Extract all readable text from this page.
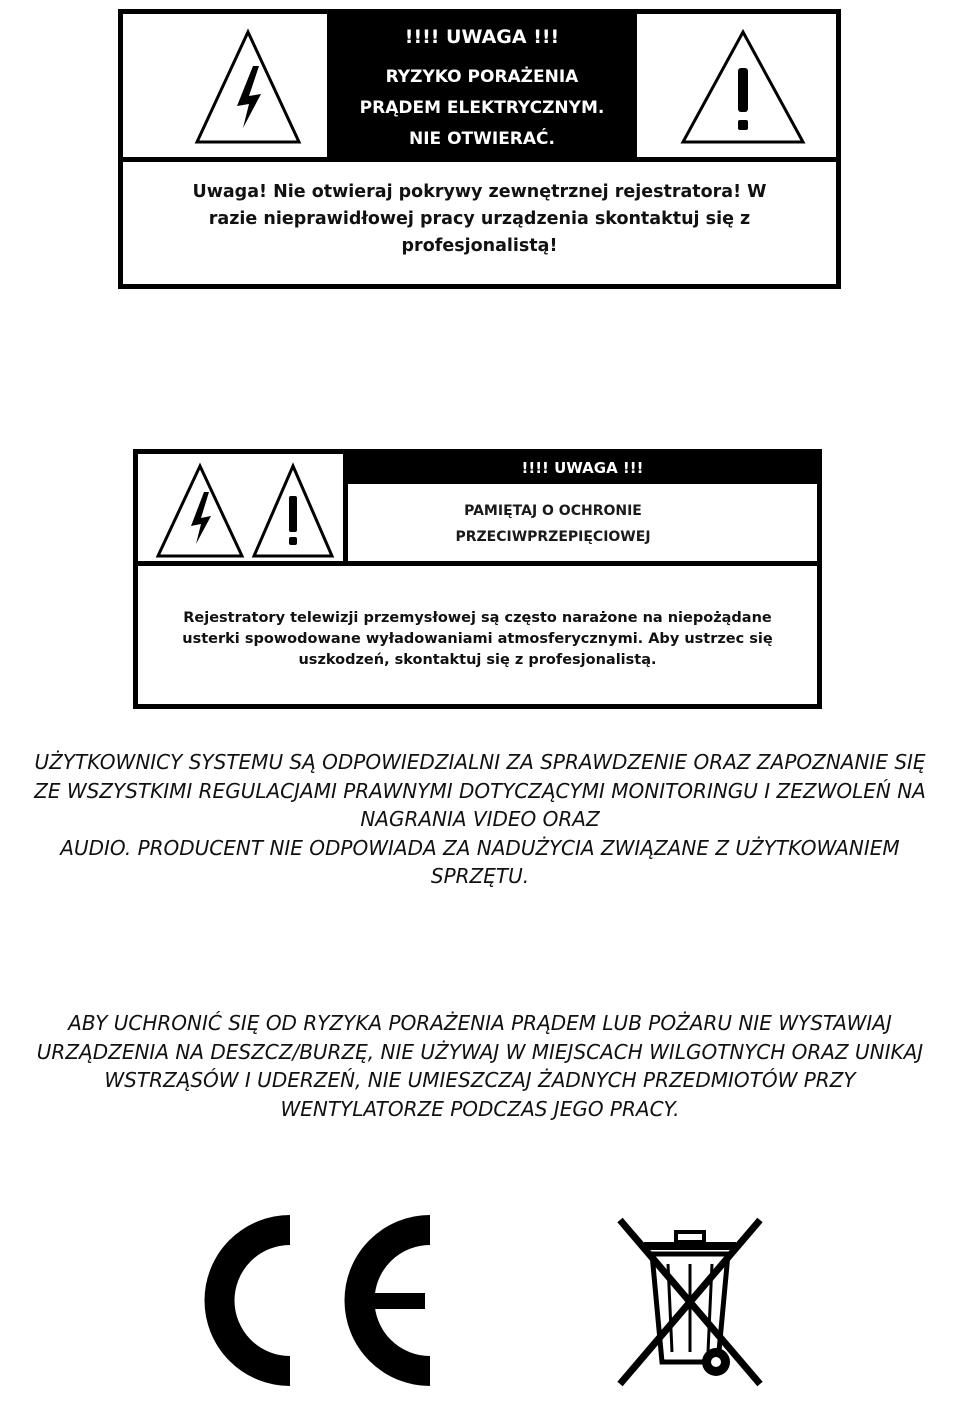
!!!! UWAGA !!!
RYZYKO PORAŻENIA
PRĄDEM ELEKTRYCZNYM.
NIE OTWIERAĆ.
Uwaga! Nie otwieraj pokrywy zewnętrznej rejestratora! W
razie nieprawidłowej pracy urządzenia skontaktuj się z
profesjonalistą!
!!!! UWAGA !!!
PAMIĘTAJ O OCHRONIE
PRZECIWPRZEPIĘCIOWEJ
Rejestratory telewizji przemysłowej są często narażone na niepożądane
usterki spowodowane wyładowaniami atmosferycznymi. Aby ustrzec się
uszkodzeń, skontaktuj się z profesjonalistą.
UŻYTKOWNICY SYSTEMU SĄ ODPOWIEDZIALNI ZA SPRAWDZENIE ORAZ ZAPOZNANIE SIĘ
ZE WSZYSTKIMI REGULACJAMI PRAWNYMI DOTYCZĄCYMI MONITORINGU I ZEZWOLEŃ NA
NAGRANIA VIDEO ORAZ
AUDIO. PRODUCENT NIE ODPOWIADA ZA NADUŻYCIA ZWIĄZANE Z UŻYTKOWANIEM
SPRZĘTU.
ABY UCHRONIĆ SIĘ OD RYZYKA PORAŻENIA PRĄDEM LUB POŻARU NIE WYSTAWIAJ
URZĄDZENIA NA DESZCZ/BURZĘ, NIE UŻYWAJ W MIEJSCACH WILGOTNYCH ORAZ UNIKAJ
WSTRZĄSÓW I UDERZEŃ, NIE UMIESZCZAJ ŻADNYCH PRZEDMIOTÓW PRZY
WENTYLATORZE PODCZAS JEGO PRACY.
